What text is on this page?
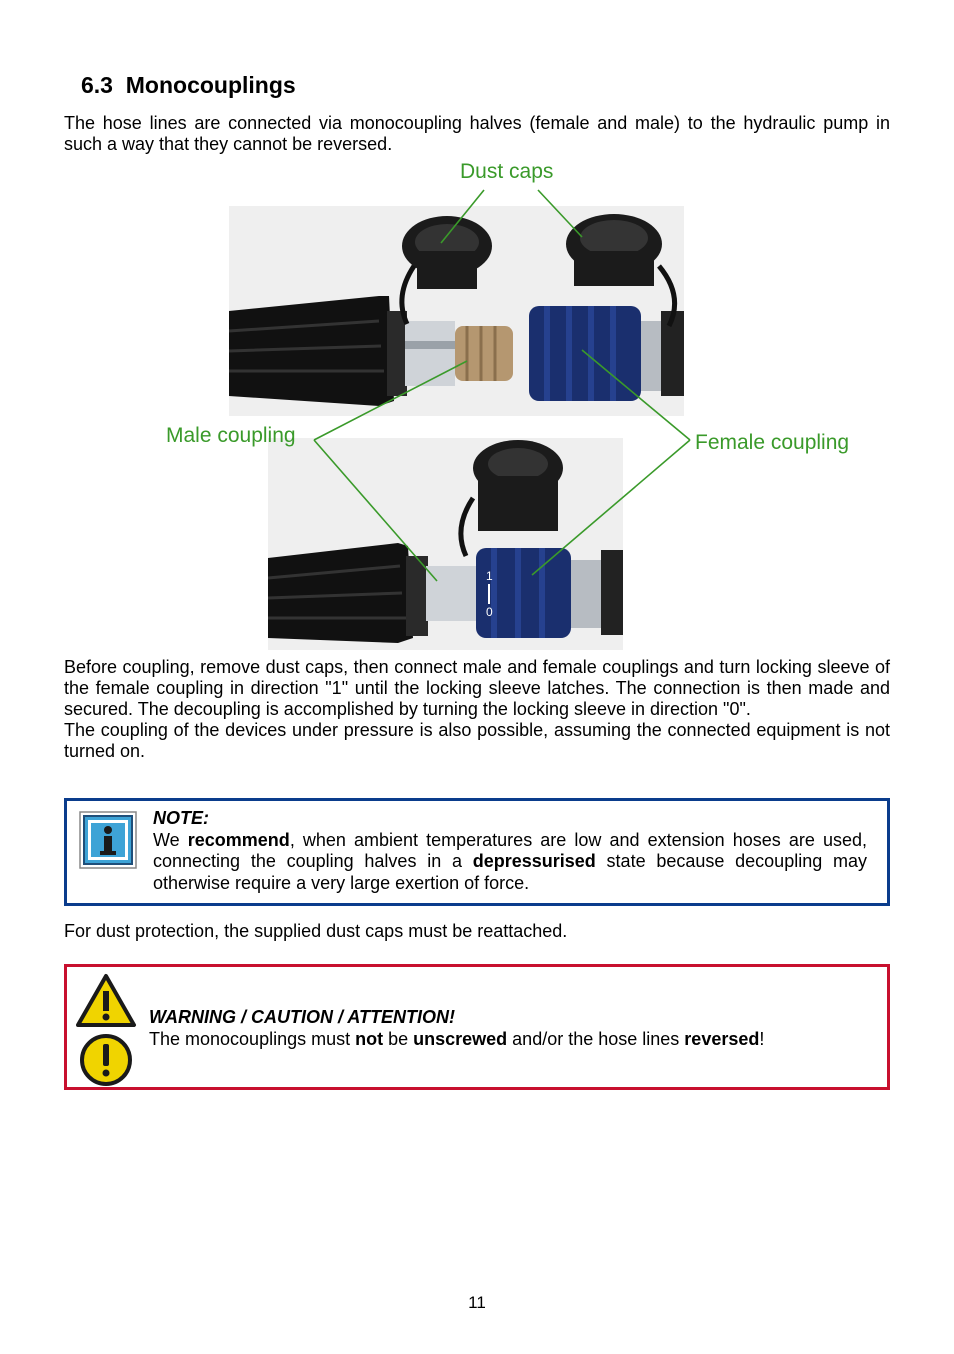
6.3 Monocouplings

The hose lines are connected via monocoupling halves (female and male) to the hydraulic pump in such a way that they cannot be reversed.

1
0
Dust caps
Male coupling	Female coupling

Before coupling, remove dust caps, then connect male and female couplings and turn locking sleeve of the female coupling in direction "1" until the locking sleeve latches. The connection is then made and secured. The decoupling is accomplished by turning the locking sleeve in direction "0".

The coupling of the devices under pressure is also possible, assuming the connected equipment is not turned on.

NOTE:
We recommend, when ambient temperatures are low and extension hoses are used, connecting the coupling halves in a depressurised state because decoupling may otherwise require a very large exertion of force.

For dust protection, the supplied dust caps must be reattached.

WARNING / CAUTION / ATTENTION!
The monocouplings must not be unscrewed and/or the hose lines reversed!
11
